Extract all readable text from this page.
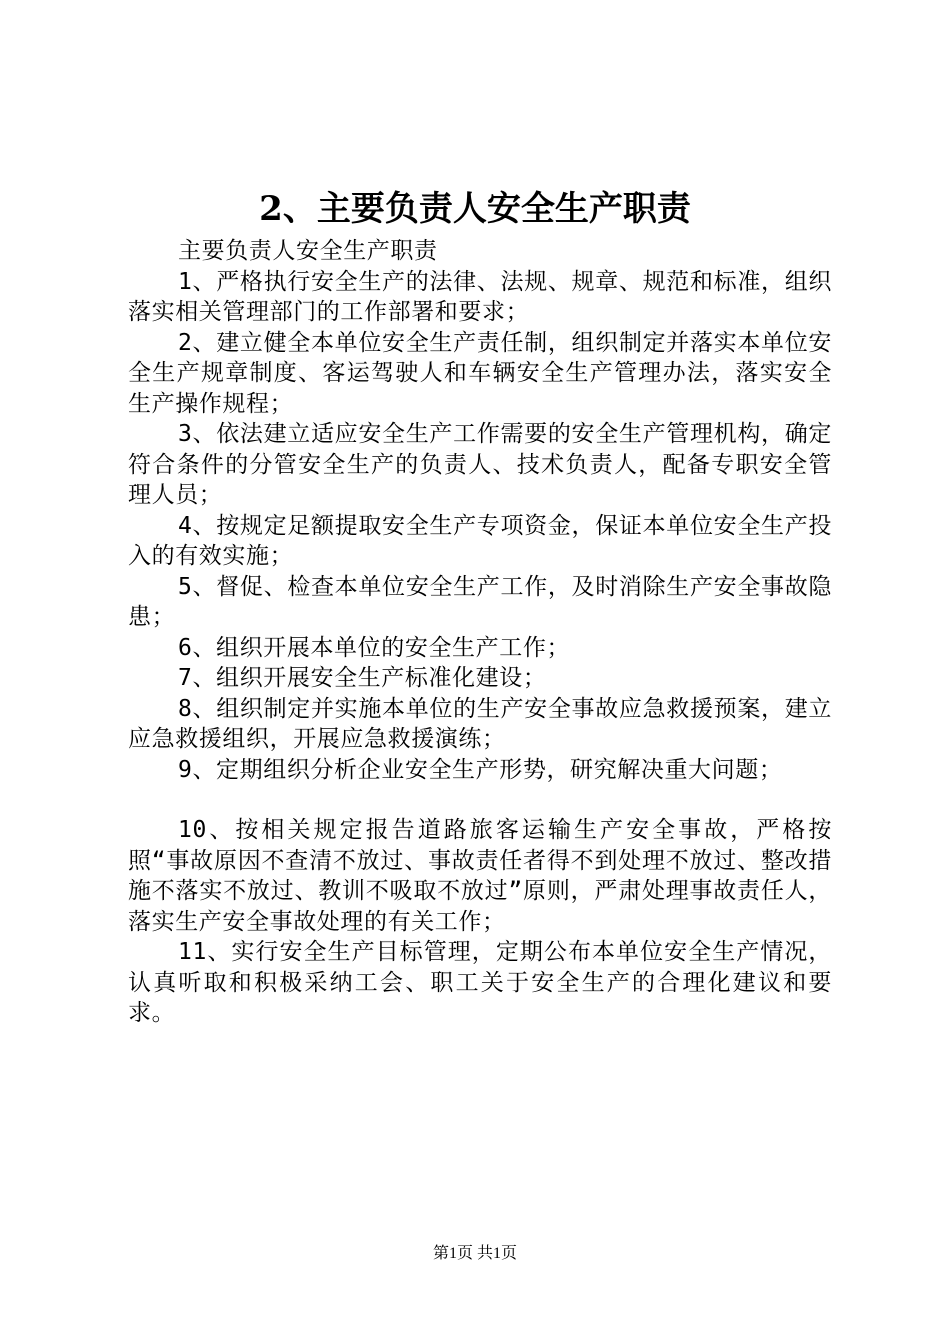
2、主要负责人安全生产职责

主要负责人安全生产职责

1、严格执行安全生产的法律、法规、规章、规范和标准，组织落实相关管理部门的工作部署和要求；

2、建立健全本单位安全生产责任制，组织制定并落实本单位安全生产规章制度、客运驾驶人和车辆安全生产管理办法，落实安全生产操作规程；

3、依法建立适应安全生产工作需要的安全生产管理机构，确定符合条件的分管安全生产的负责人、技术负责人，配备专职安全管理人员；

4、按规定足额提取安全生产专项资金，保证本单位安全生产投入的有效实施；

5、督促、检查本单位安全生产工作，及时消除生产安全事故隐患；

6、组织开展本单位的安全生产工作；

7、组织开展安全生产标准化建设；

8、组织制定并实施本单位的生产安全事故应急救援预案，建立应急救援组织，开展应急救援演练；

9、定期组织分析企业安全生产形势，研究解决重大问题；

10、按相关规定报告道路旅客运输生产安全事故，严格按照“事故原因不查清不放过、事故责任者得不到处理不放过、整改措施不落实不放过、教训不吸取不放过”原则，严肃处理事故责任人，落实生产安全事故处理的有关工作；

11、实行安全生产目标管理，定期公布本单位安全生产情况，认真听取和积极采纳工会、职工关于安全生产的合理化建议和要求。

第1页 共1页
